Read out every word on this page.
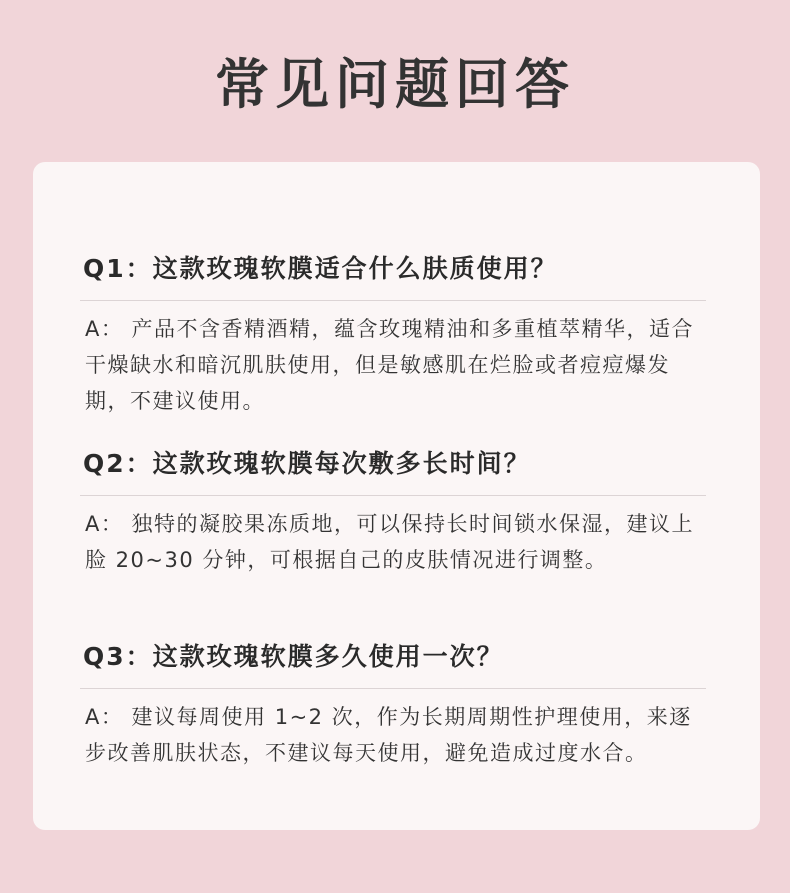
常见问题回答
Q1：这款玫瑰软膜适合什么肤质使用？
A： 产品不含香精酒精，蕴含玫瑰精油和多重植萃精华，适合干燥缺水和暗沉肌肤使用，但是敏感肌在烂脸或者痘痘爆发期，不建议使用。
Q2：这款玫瑰软膜每次敷多长时间？
A： 独特的凝胶果冻质地，可以保持长时间锁水保湿，建议上脸 20~30 分钟，可根据自己的皮肤情况进行调整。
Q3：这款玫瑰软膜多久使用一次？
A： 建议每周使用 1~2 次，作为长期周期性护理使用，来逐步改善肌肤状态，不建议每天使用，避免造成过度水合。
